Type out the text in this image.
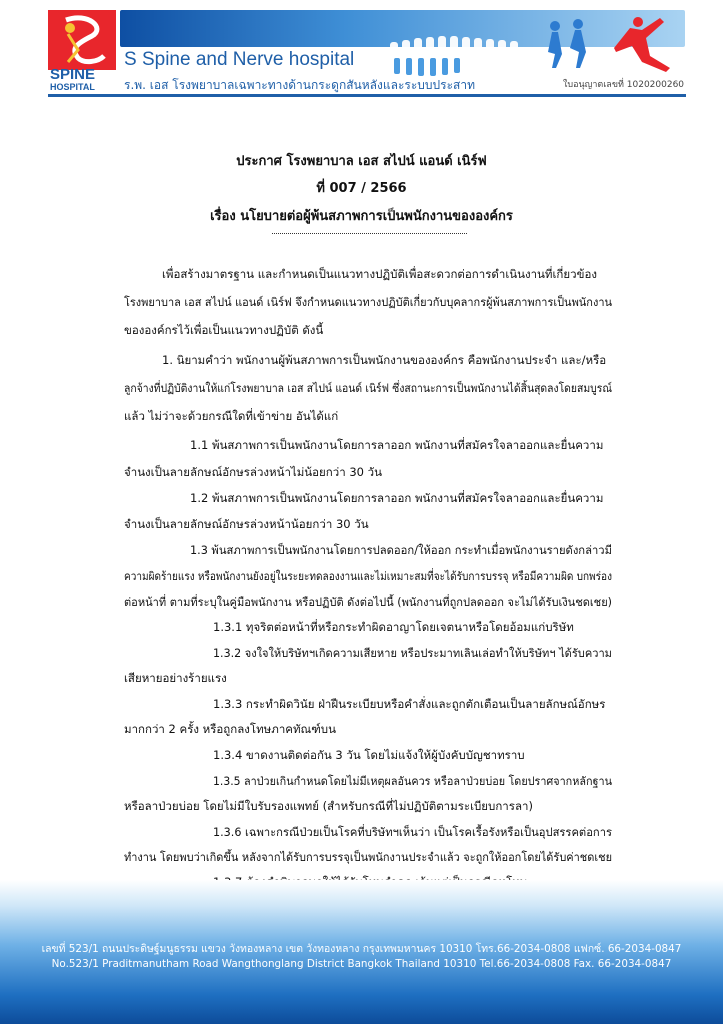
SPINE
HOSPITAL
S Spine and Nerve hospital
ร.พ. เอส โรงพยาบาลเฉพาะทางด้านกระดูกสันหลังและระบบประสาท	ใบอนุญาตเลขที่ 1020200260
ประกาศ โรงพยาบาล เอส สไปน์ แอนด์ เนิร์ฟ
ที่ 007 / 2566
เรื่อง นโยบายต่อผู้พ้นสภาพการเป็นพนักงานขององค์กร
เพื่อสร้างมาตรฐาน และกำหนดเป็นแนวทางปฏิบัติเพื่อสะดวกต่อการดำเนินงานที่เกี่ยวข้อง
โรงพยาบาล เอส สไปน์ แอนด์ เนิร์ฟ จึงกำหนดแนวทางปฏิบัติเกี่ยวกับบุคลากรผู้พ้นสภาพการเป็นพนักงาน
ขององค์กรไว้เพื่อเป็นแนวทางปฏิบัติ ดังนี้
1. นิยามคำว่า พนักงานผู้พ้นสภาพการเป็นพนักงานขององค์กร คือพนักงานประจำ และ/หรือ
ลูกจ้างที่ปฏิบัติงานให้แก่โรงพยาบาล เอส สไปน์ แอนด์ เนิร์ฟ ซึ่งสถานะการเป็นพนักงานได้สิ้นสุดลงโดยสมบูรณ์
แล้ว ไม่ว่าจะด้วยกรณีใดที่เข้าข่าย อันได้แก่
1.1 พ้นสภาพการเป็นพนักงานโดยการลาออก พนักงานที่สมัครใจลาออกและยื่นความ
จำนงเป็นลายลักษณ์อักษรล่วงหน้าไม่น้อยกว่า 30 วัน
1.2 พ้นสภาพการเป็นพนักงานโดยการลาออก พนักงานที่สมัครใจลาออกและยื่นความ
จำนงเป็นลายลักษณ์อักษรล่วงหน้าน้อยกว่า 30 วัน
1.3 พ้นสภาพการเป็นพนักงานโดยการปลดออก/ให้ออก กระทำเมื่อพนักงานรายดังกล่าวมี
ความผิดร้ายแรง หรือพนักงานยังอยู่ในระยะทดลองงานและไม่เหมาะสมที่จะได้รับการบรรจุ หรือมีความผิด บกพร่อง
ต่อหน้าที่ ตามที่ระบุในคู่มือพนักงาน หรือปฏิบัติ ดังต่อไปนี้ (พนักงานที่ถูกปลดออก จะไม่ได้รับเงินชดเชย)
1.3.1 ทุจริตต่อหน้าที่หรือกระทำผิดอาญาโดยเจตนาหรือโดยอ้อมแก่บริษัท
1.3.2 จงใจให้บริษัทฯเกิดความเสียหาย หรือประมาทเลินเล่อทำให้บริษัทฯ ได้รับความ
เสียหายอย่างร้ายแรง
1.3.3 กระทำผิดวินัย ฝ่าฝืนระเบียบหรือคำสั่งและถูกตักเตือนเป็นลายลักษณ์อักษร
มากกว่า 2 ครั้ง หรือถูกลงโทษภาคทัณฑ์บน
1.3.4 ขาดงานติดต่อกัน 3 วัน โดยไม่แจ้งให้ผู้บังคับบัญชาทราบ
1.3.5 ลาป่วยเกินกำหนดโดยไม่มีเหตุผลอันควร หรือลาป่วยบ่อย โดยปราศจากหลักฐาน
หรือลาป่วยบ่อย โดยไม่มีใบรับรองแพทย์ (สำหรับกรณีที่ไม่ปฏิบัติตามระเบียบการลา)
1.3.6 เฉพาะกรณีป่วยเป็นโรคที่บริษัทฯเห็นว่า เป็นโรคเรื้อรังหรือเป็นอุปสรรคต่อการ
ทำงาน โดยพบว่าเกิดขึ้น หลังจากได้รับการบรรจุเป็นพนักงานประจำแล้ว จะถูกให้ออกโดยได้รับค่าชดเชย
เลขที่ 523/1 ถนนประดิษฐ์มนูธรรม แขวง วังทองหลาง เขต วังทองหลาง กรุงเทพมหานคร 10310 โทร.66-2034-0808 แฟกซ์. 66-2034-0847
No.523/1 Praditmanutham Road Wangthonglang District Bangkok Thailand 10310 Tel.66-2034-0808 Fax. 66-2034-0847
